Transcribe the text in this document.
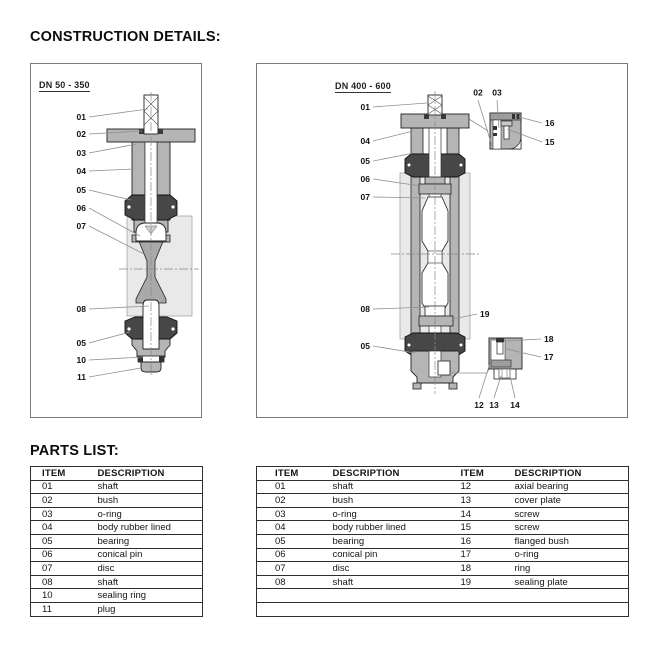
CONSTRUCTION DETAILS:
DN 50 - 350
01
02
03
04
05
06
07
08
05
10
11
DN 400 - 600
01
02 03
16
15
04
05
06
07
08	19
05
18
17
12 13 14
PARTS LIST:
ITEM	DESCRIPTION
01	shaft
02	bush
03	o-ring
04	body rubber lined
05	bearing
06	conical pin
07	disc
08	shaft
10	sealing ring
11	plug
ITEM	DESCRIPTION	ITEM	DESCRIPTION
01	shaft	12	axial bearing
02	bush	13	cover plate
03	o-ring	14	screw
04	body rubber lined	15	screw
05	bearing	16	flanged bush
06	conical pin	17	o-ring
07	disc	18	ring
08	shaft	19	sealing plate
